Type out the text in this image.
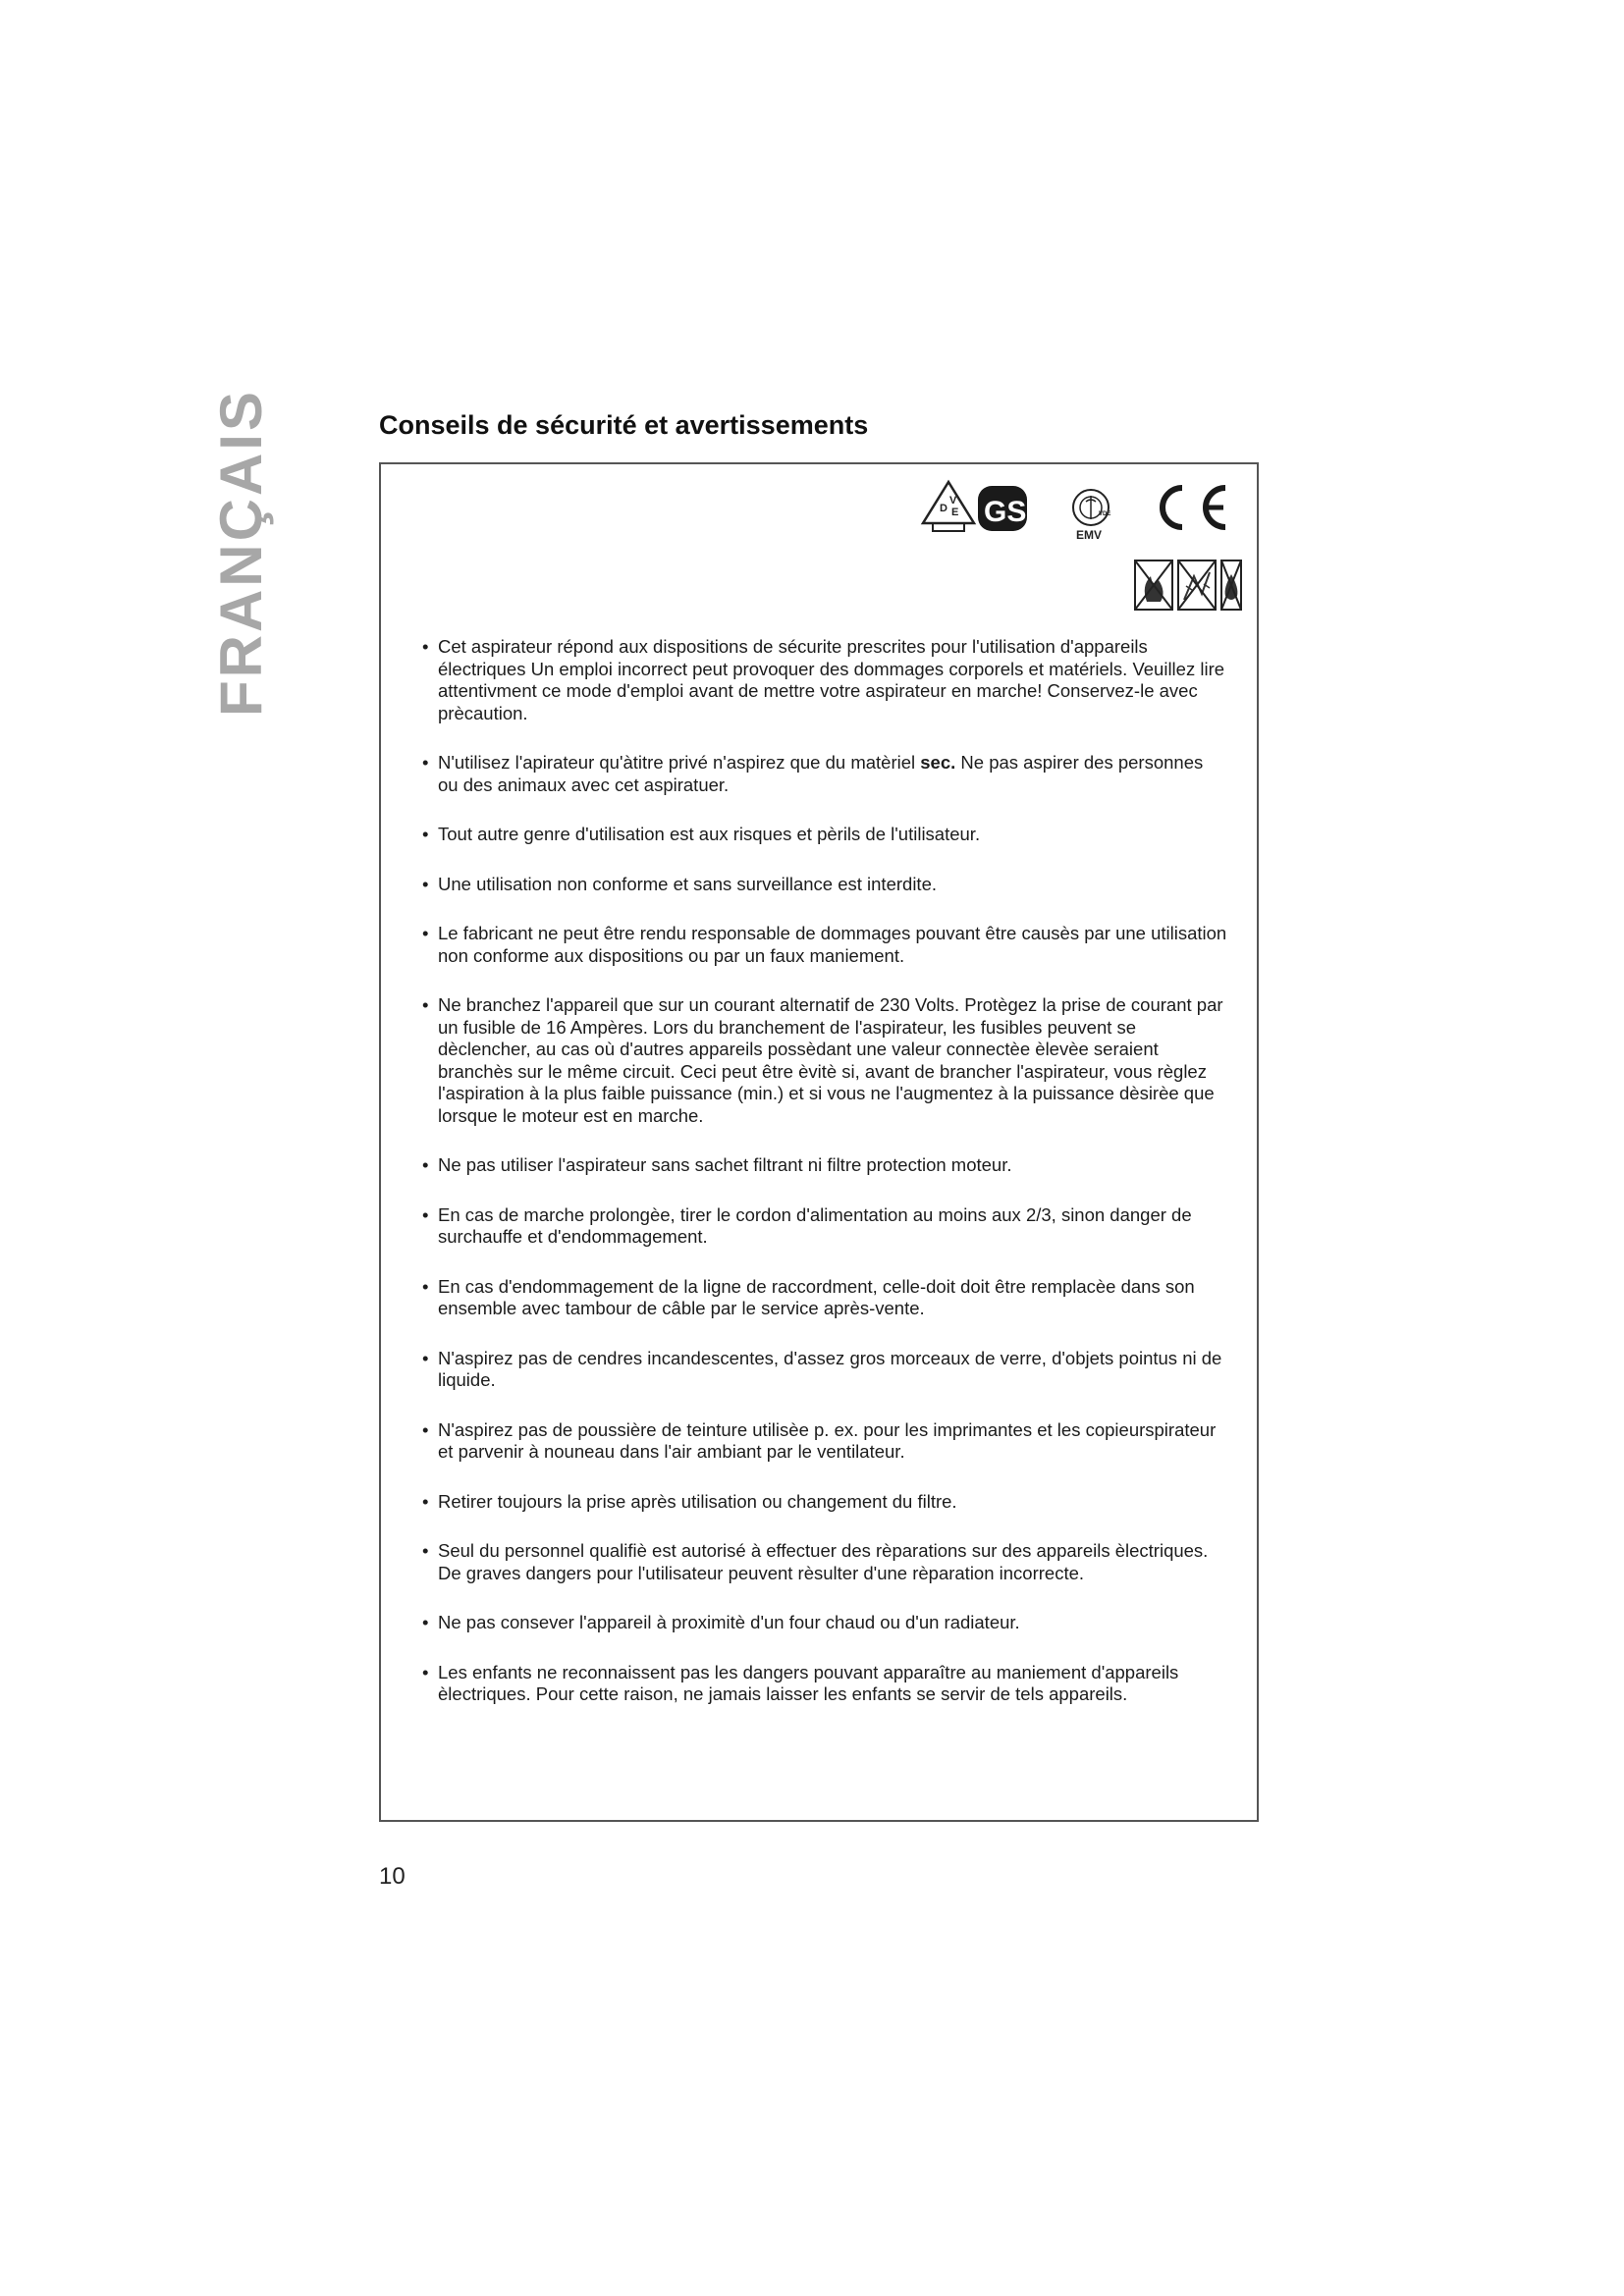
FRANÇAIS	Conseils de sécurité et avertissements
D
V
E GS	VDE
EMV
• Cet aspirateur répond aux dispositions de sécurite prescrites pour l'utilisation d'appareils électriques Un emploi incorrect peut provoquer des dommages corporels et matériels. Veuillez lire attentivment ce mode d'emploi avant de mettre votre aspirateur en marche! Conservez-le avec prècaution.
• N'utilisez l'apirateur qu'àtitre privé n'aspirez que du matèriel sec. Ne pas aspirer des personnes ou des animaux avec cet aspiratuer.
• Tout autre genre d'utilisation est aux risques et pèrils de l'utilisateur.
• Une utilisation non conforme et sans surveillance est interdite.
• Le fabricant ne peut être rendu responsable de dommages pouvant être causès par une utilisation non conforme aux dispositions ou par un faux maniement.
• Ne branchez l'appareil que sur un courant alternatif de 230 Volts. Protègez la prise de courant par un fusible de 16 Ampères. Lors du branchement de l'aspirateur, les fusibles peuvent se dèclencher, au cas où d'autres appareils possèdant une valeur connectèe èlevèe seraient branchès sur le même circuit. Ceci peut être èvitè si, avant de brancher l'aspirateur, vous règlez l'aspiration à la plus faible puissance (min.) et si vous ne l'augmentez à la puissance dèsirèe que lorsque le moteur est en marche.
• Ne pas utiliser l'aspirateur sans sachet filtrant ni filtre protection moteur.
• En cas de marche prolongèe, tirer le cordon d'alimentation au moins aux 2/3, sinon danger de surchauffe et d'endommagement.
• En cas d'endommagement de la ligne de raccordment, celle-doit doit être remplacèe dans son ensemble avec tambour de câble par le service après-vente.
• N'aspirez pas de cendres incandescentes, d'assez gros morceaux de verre, d'objets pointus ni de liquide.
• N'aspirez pas de poussière de teinture utilisèe p. ex. pour les imprimantes et les copieurspirateur et parvenir à nouneau dans l'air ambiant par le ventilateur.
• Retirer toujours la prise après utilisation ou changement du filtre.
• Seul du personnel qualifiè est autorisé à effectuer des rèparations sur des appareils èlectriques. De graves dangers pour l'utilisateur peuvent rèsulter d'une rèparation incorrecte.
• Ne pas consever l'appareil à proximitè d'un four chaud ou d'un radiateur.
• Les enfants ne reconnaissent pas les dangers pouvant apparaître au maniement d'appareils èlectriques. Pour cette raison, ne jamais laisser les enfants se servir de tels appareils.
10
